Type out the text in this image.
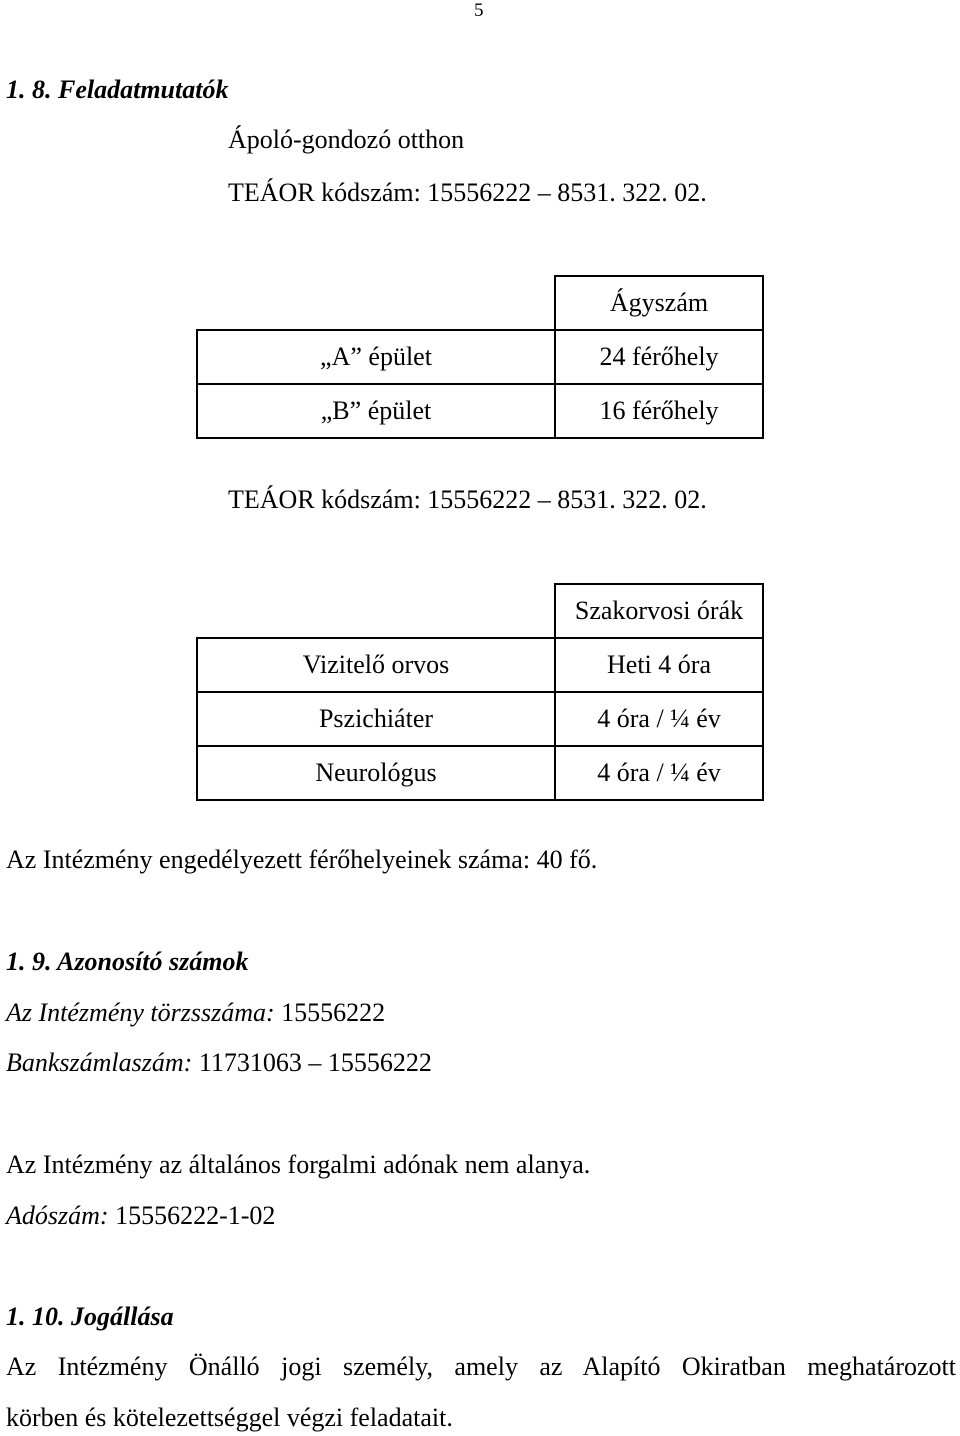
5
1. 8. Feladatmutatók
Ápoló-gondozó otthon
TEÁOR kódszám: 15556222 – 8531. 322. 02.
	Ágyszám
„A” épület	24 férőhely
„B” épület	16 férőhely
TEÁOR kódszám: 15556222 – 8531. 322. 02.
	Szakorvosi órák
Vizitelő orvos	Heti 4 óra
Pszichiáter	4 óra / ¼ év
Neurológus	4 óra / ¼ év
Az Intézmény engedélyezett férőhelyeinek száma: 40 fő.
1. 9. Azonosító számok
Az Intézmény törzsszáma: 15556222
Bankszámlaszám: 11731063 – 15556222
Az Intézmény az általános forgalmi adónak nem alanya.
Adószám: 15556222-1-02
1. 10. Jogállása
Az Intézmény Önálló jogi személy, amely az Alapító Okiratban meghatározott
körben és kötelezettséggel végzi feladatait.
